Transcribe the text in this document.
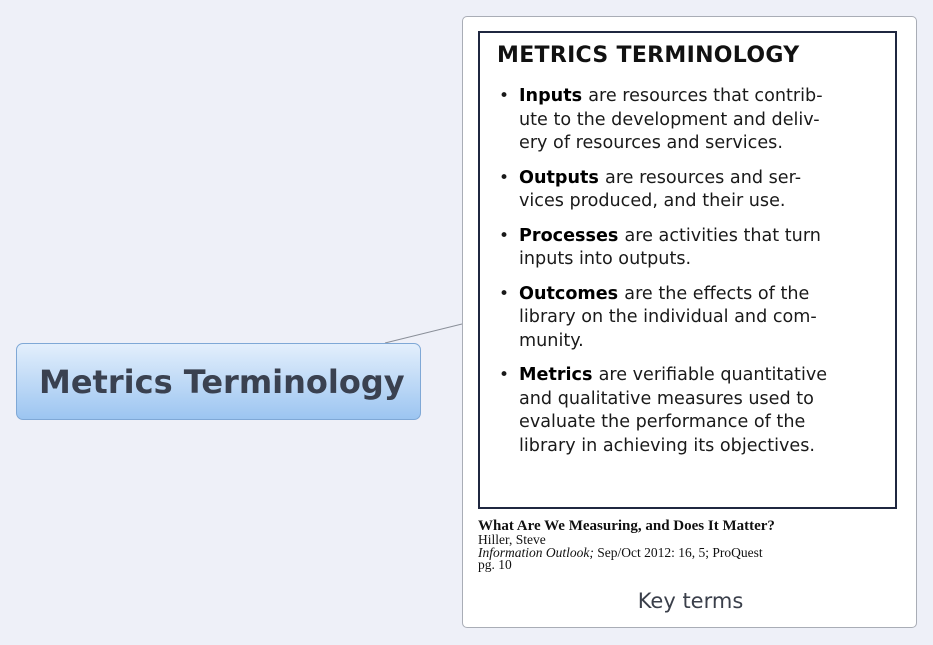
Metrics Terminology
METRICS TERMINOLOGY
• Inputs are resources that contrib-
ute to the development and deliv-
ery of resources and services.
• Outputs are resources and ser-
vices produced, and their use.
• Processes are activities that turn
inputs into outputs.
• Outcomes are the effects of the
library on the individual and com-
munity.
• Metrics are verifiable quantitative
and qualitative measures used to
evaluate the performance of the
library in achieving its objectives.
What Are We Measuring, and Does It Matter?
Hiller, Steve
Information Outlook; Sep/Oct 2012: 16, 5; ProQuest
pg. 10
Key terms
